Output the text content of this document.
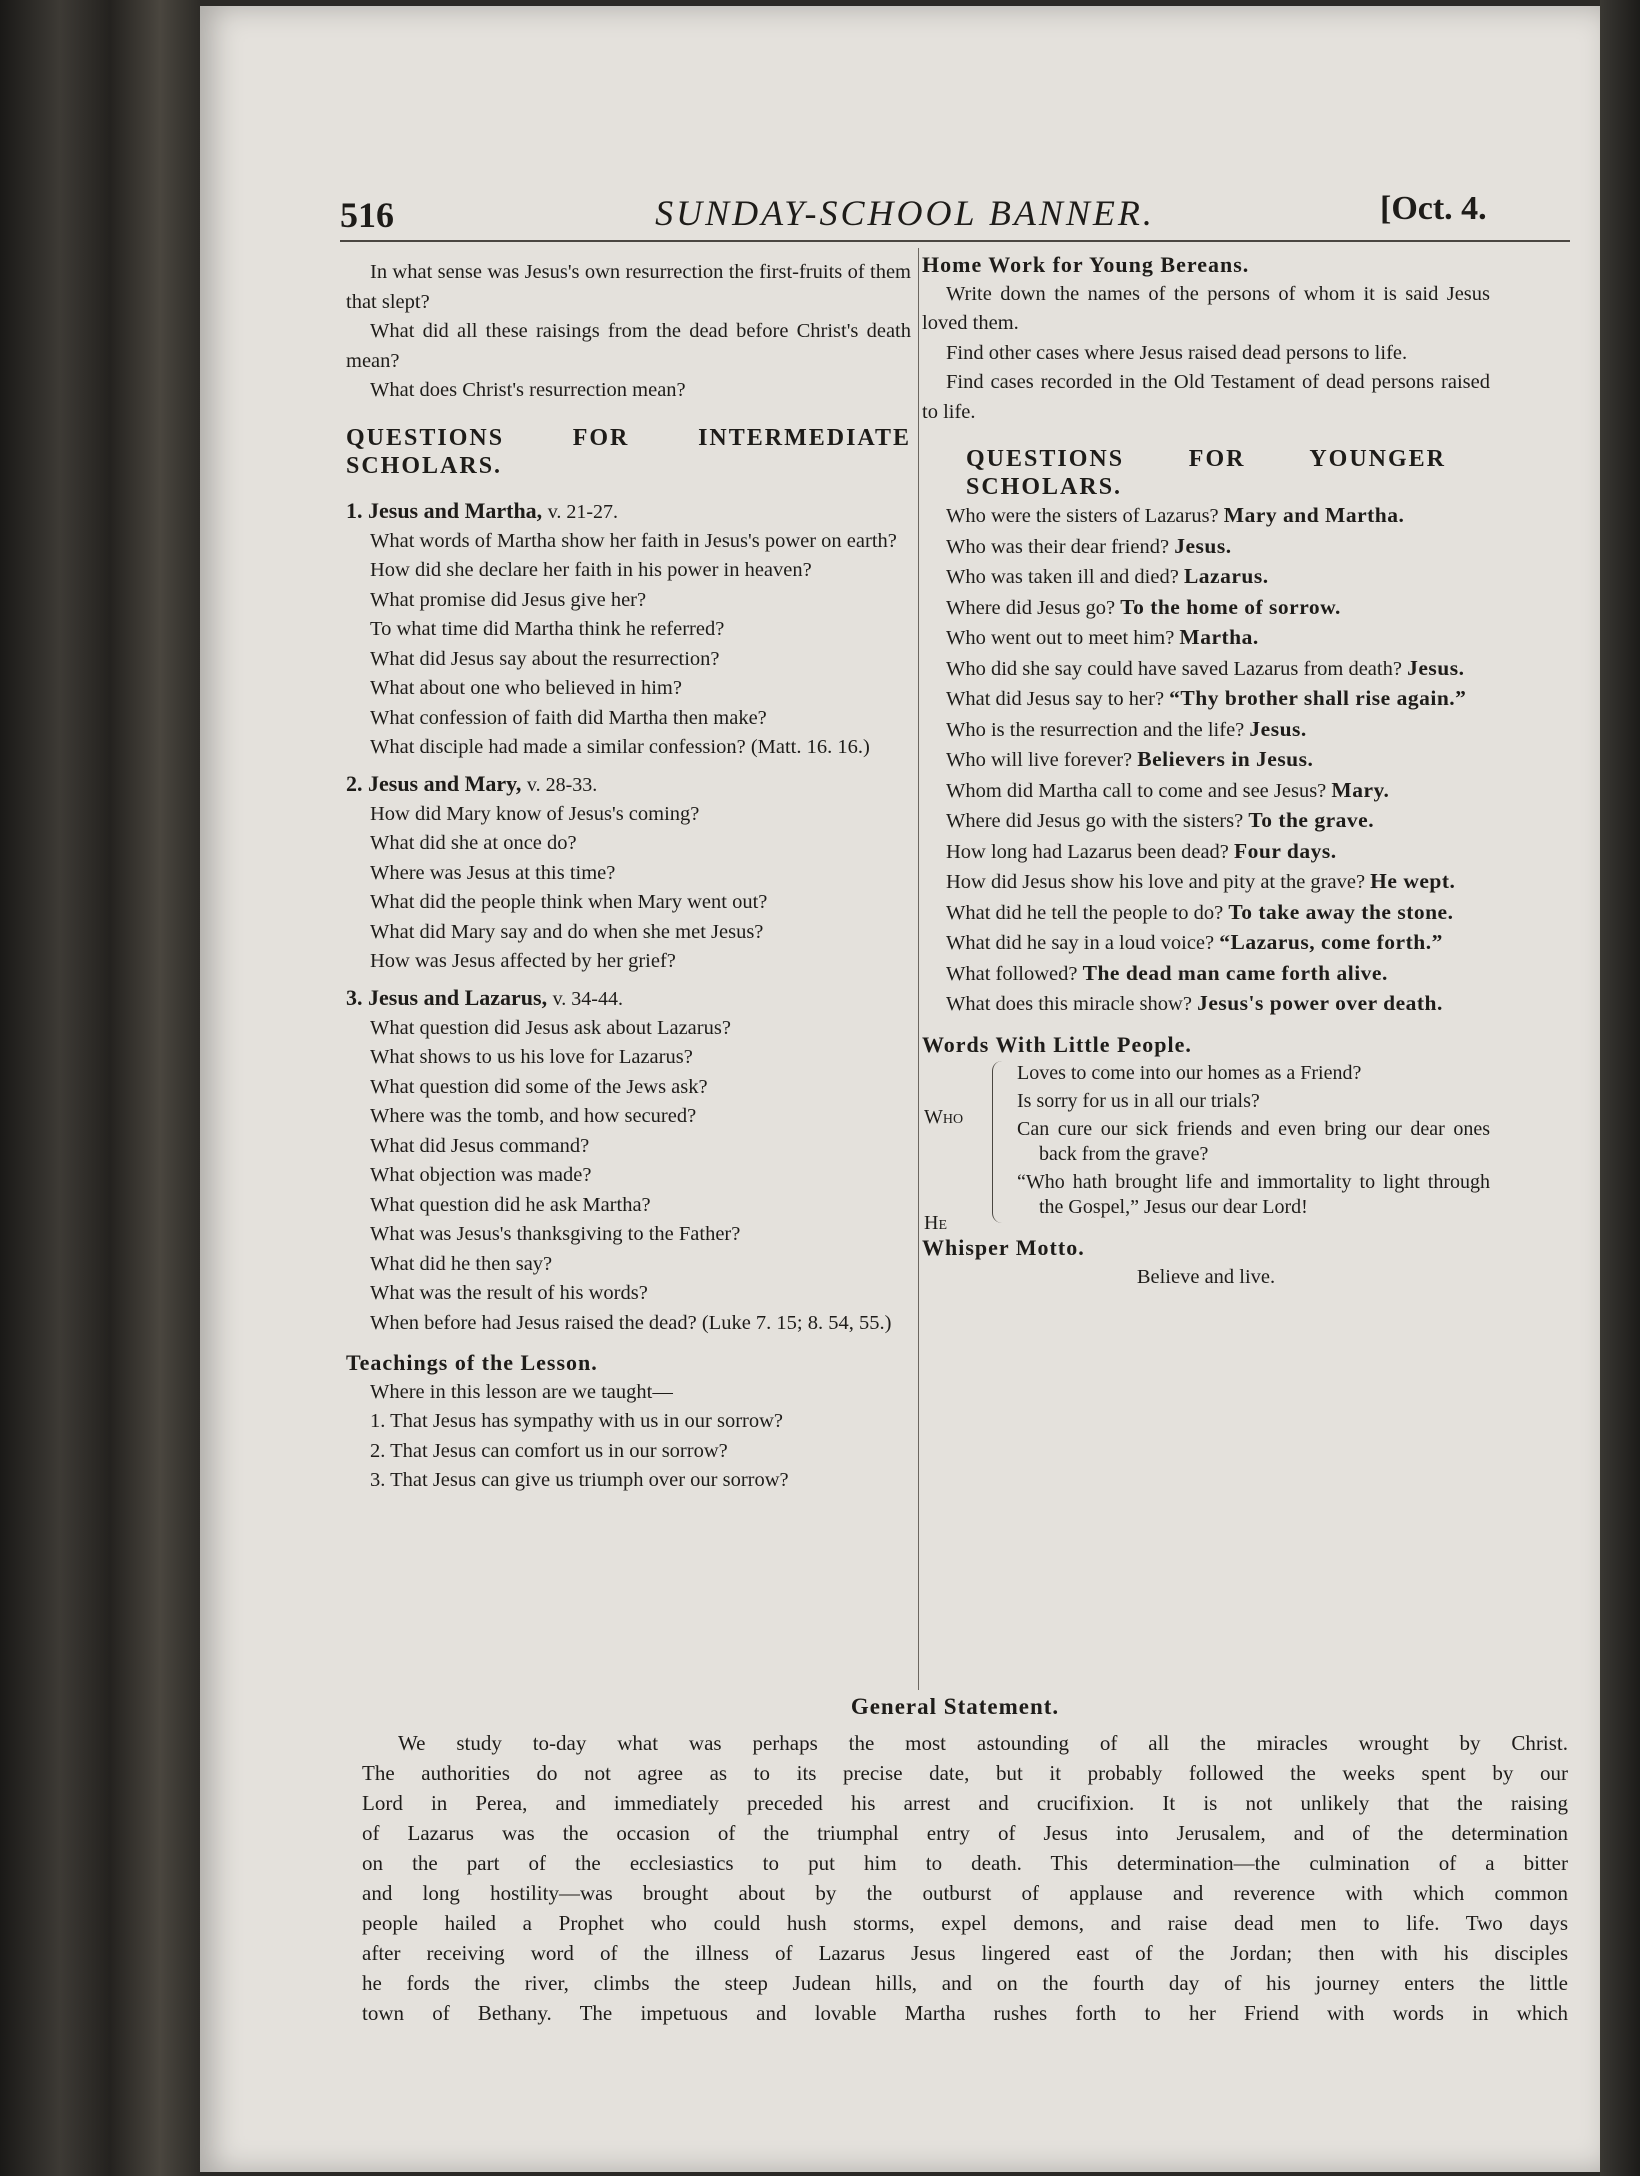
516	SUNDAY-SCHOOL BANNER.	[Oct. 4.

In what sense was Jesus's own resurrection the first-fruits of them that slept?

What did all these raisings from the dead before Christ's death mean?

What does Christ's resurrection mean?

QUESTIONS FOR INTERMEDIATE
SCHOLARS.

1. Jesus and Martha, v. 21-27.

What words of Martha show her faith in Jesus's power on earth?

How did she declare her faith in his power in heaven?

What promise did Jesus give her?

To what time did Martha think he referred?

What did Jesus say about the resurrection?

What about one who believed in him?

What confession of faith did Martha then make?

What disciple had made a similar confession? (Matt. 16. 16.)

2. Jesus and Mary, v. 28-33.

How did Mary know of Jesus's coming?

What did she at once do?

Where was Jesus at this time?

What did the people think when Mary went out?

What did Mary say and do when she met Jesus?

How was Jesus affected by her grief?

3. Jesus and Lazarus, v. 34-44.

What question did Jesus ask about Lazarus?

What shows to us his love for Lazarus?

What question did some of the Jews ask?

Where was the tomb, and how secured?

What did Jesus command?

What objection was made?

What question did he ask Martha?

What was Jesus's thanksgiving to the Father?

What did he then say?

What was the result of his words?

When before had Jesus raised the dead? (Luke 7. 15; 8. 54, 55.)

Teachings of the Lesson.

Where in this lesson are we taught—

1. That Jesus has sympathy with us in our sorrow?

2. That Jesus can comfort us in our sorrow?

3. That Jesus can give us triumph over our sorrow?

Home Work for Young Bereans.

Write down the names of the persons of whom it is said Jesus loved them.

Find other cases where Jesus raised dead persons to life.

Find cases recorded in the Old Testament of dead persons raised to life.

QUESTIONS FOR YOUNGER
SCHOLARS.

Who were the sisters of Lazarus? Mary and Martha.

Who was their dear friend? Jesus.

Who was taken ill and died? Lazarus.

Where did Jesus go? To the home of sorrow.

Who went out to meet him? Martha.

Who did she say could have saved Lazarus from death? Jesus.

What did Jesus say to her? “Thy brother shall rise again.”

Who is the resurrection and the life? Jesus.

Who will live forever? Believers in Jesus.

Whom did Martha call to come and see Jesus? Mary.

Where did Jesus go with the sisters? To the grave.

How long had Lazarus been dead? Four days.

How did Jesus show his love and pity at the grave? He wept.

What did he tell the people to do? To take away the stone.

What did he say in a loud voice? “Lazarus, come forth.”

What followed? The dead man came forth alive.

What does this miracle show? Jesus's power over death.

Words With Little People.

Who
He

Loves to come into our homes as a Friend?

Is sorry for us in all our trials?

Can cure our sick friends and even bring our dear ones back from the grave?

“Who hath brought life and immortality to light through the Gospel,” Jesus our dear Lord!

Whisper Motto.

Believe and live.

General Statement.

We study to-day what was perhaps the most astounding of all the miracles wrought by Christ.

The authorities do not agree as to its precise date, but it probably followed the weeks spent by our

Lord in Perea, and immediately preceded his arrest and crucifixion. It is not unlikely that the raising

of Lazarus was the occasion of the triumphal entry of Jesus into Jerusalem, and of the determination

on the part of the ecclesiastics to put him to death. This determination—the culmination of a bitter

and long hostility—was brought about by the outburst of applause and reverence with which common

people hailed a Prophet who could hush storms, expel demons, and raise dead men to life. Two days

after receiving word of the illness of Lazarus Jesus lingered east of the Jordan; then with his disciples

he fords the river, climbs the steep Judean hills, and on the fourth day of his journey enters the little

town of Bethany. The impetuous and lovable Martha rushes forth to her Friend with words in which
